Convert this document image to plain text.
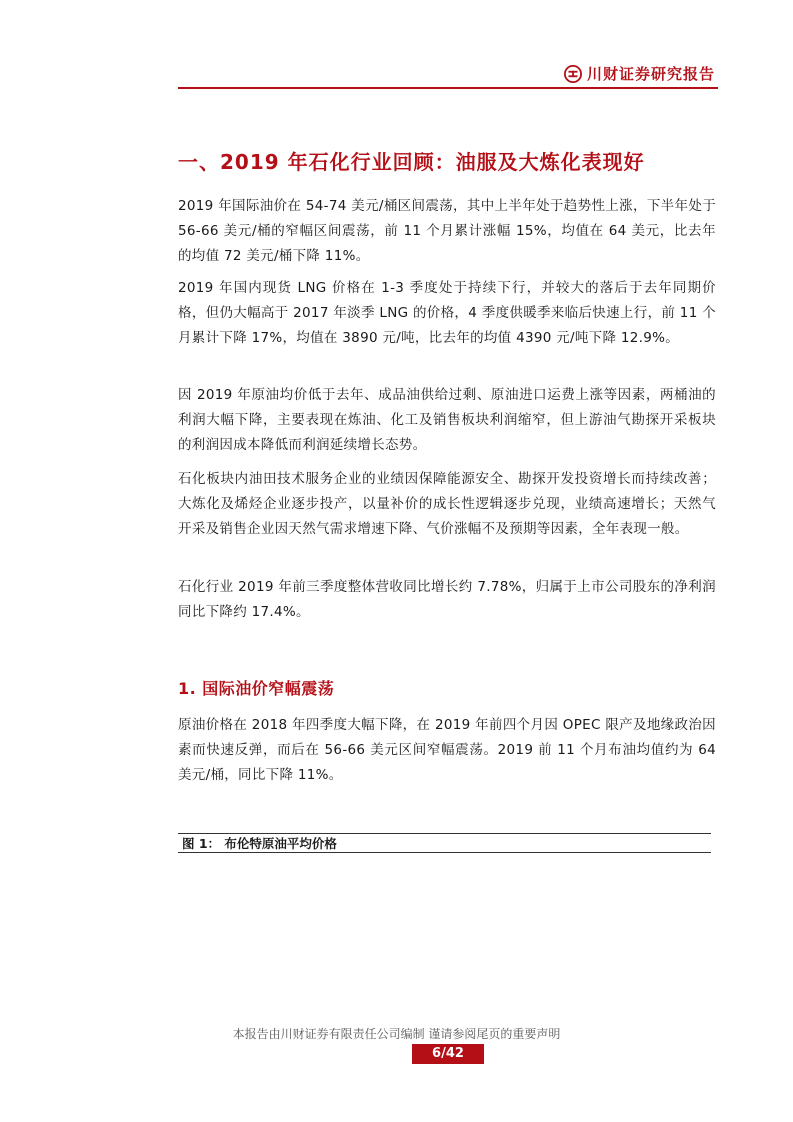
川财证券研究报告
一、2019 年石化行业回顾：油服及大炼化表现好

2019 年国际油价在 54-74 美元/桶区间震荡，其中上半年处于趋势性上涨，下半年处于 56-66 美元/桶的窄幅区间震荡，前 11 个月累计涨幅 15%，均值在 64 美元，比去年的均值 72 美元/桶下降 11%。

2019 年国内现货 LNG 价格在 1-3 季度处于持续下行，并较大的落后于去年同期价格，但仍大幅高于 2017 年淡季 LNG 的价格，4 季度供暖季来临后快速上行，前 11 个月累计下降 17%，均值在 3890 元/吨，比去年的均值 4390 元/吨下降 12.9%。

因 2019 年原油均价低于去年、成品油供给过剩、原油进口运费上涨等因素，两桶油的利润大幅下降，主要表现在炼油、化工及销售板块利润缩窄，但上游油气勘探开采板块的利润因成本降低而利润延续增长态势。

石化板块内油田技术服务企业的业绩因保障能源安全、勘探开发投资增长而持续改善；大炼化及烯烃企业逐步投产，以量补价的成长性逻辑逐步兑现，业绩高速增长；天然气开采及销售企业因天然气需求增速下降、气价涨幅不及预期等因素，全年表现一般。

石化行业 2019 年前三季度整体营收同比增长约 7.78%，归属于上市公司股东的净利润同比下降约 17.4%。

1. 国际油价窄幅震荡

原油价格在 2018 年四季度大幅下降，在 2019 年前四个月因 OPEC 限产及地缘政治因素而快速反弹，而后在 56-66 美元区间窄幅震荡。2019 前 11 个月布油均值约为 64 美元/桶，同比下降 11%。

图 1： 布伦特原油平均价格
本报告由川财证券有限责任公司编制 谨请参阅尾页的重要声明
6/42
